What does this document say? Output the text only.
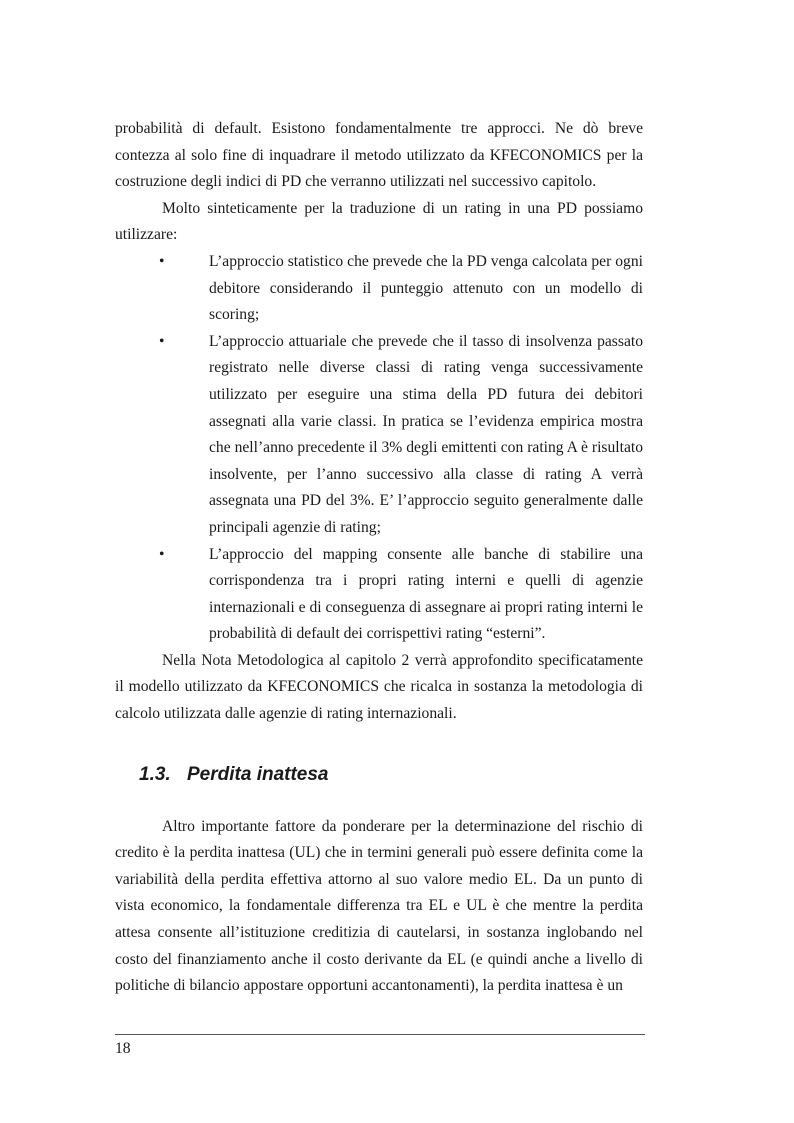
probabilità di default. Esistono fondamentalmente tre approcci. Ne dò breve contezza al solo fine di inquadrare il metodo utilizzato da KFECONOMICS per la costruzione degli indici di PD che verranno utilizzati nel successivo capitolo.

Molto sinteticamente per la traduzione di un rating in una PD possiamo utilizzare:

•	L’approccio statistico che prevede che la PD venga calcolata per ogni debitore considerando il punteggio attenuto con un modello di scoring;
•	L’approccio attuariale che prevede che il tasso di insolvenza passato registrato nelle diverse classi di rating venga successivamente utilizzato per eseguire una stima della PD futura dei debitori assegnati alla varie classi. In pratica se l’evidenza empirica mostra che nell’anno precedente il 3% degli emittenti con rating A è risultato insolvente, per l’anno successivo alla classe di rating A verrà assegnata una PD del 3%. E’ l’approccio seguito generalmente dalle principali agenzie di rating;
•	L’approccio del mapping consente alle banche di stabilire una corrispondenza tra i propri rating interni e quelli di agenzie internazionali e di conseguenza di assegnare ai propri rating interni le probabilità di default dei corrispettivi rating “esterni”.

Nella Nota Metodologica al capitolo 2 verrà approfondito specificatamente il modello utilizzato da KFECONOMICS che ricalca in sostanza la metodologia di calcolo utilizzata dalle agenzie di rating internazionali.

1.3. Perdita inattesa

Altro importante fattore da ponderare per la determinazione del rischio di credito è la perdita inattesa (UL) che in termini generali può essere definita come la variabilità della perdita effettiva attorno al suo valore medio EL. Da un punto di vista economico, la fondamentale differenza tra EL e UL è che mentre la perdita attesa consente all’istituzione creditizia di cautelarsi, in sostanza inglobando nel costo del finanziamento anche il costo derivante da EL (e quindi anche a livello di politiche di bilancio appostare opportuni accantonamenti), la perdita inattesa è un

18
